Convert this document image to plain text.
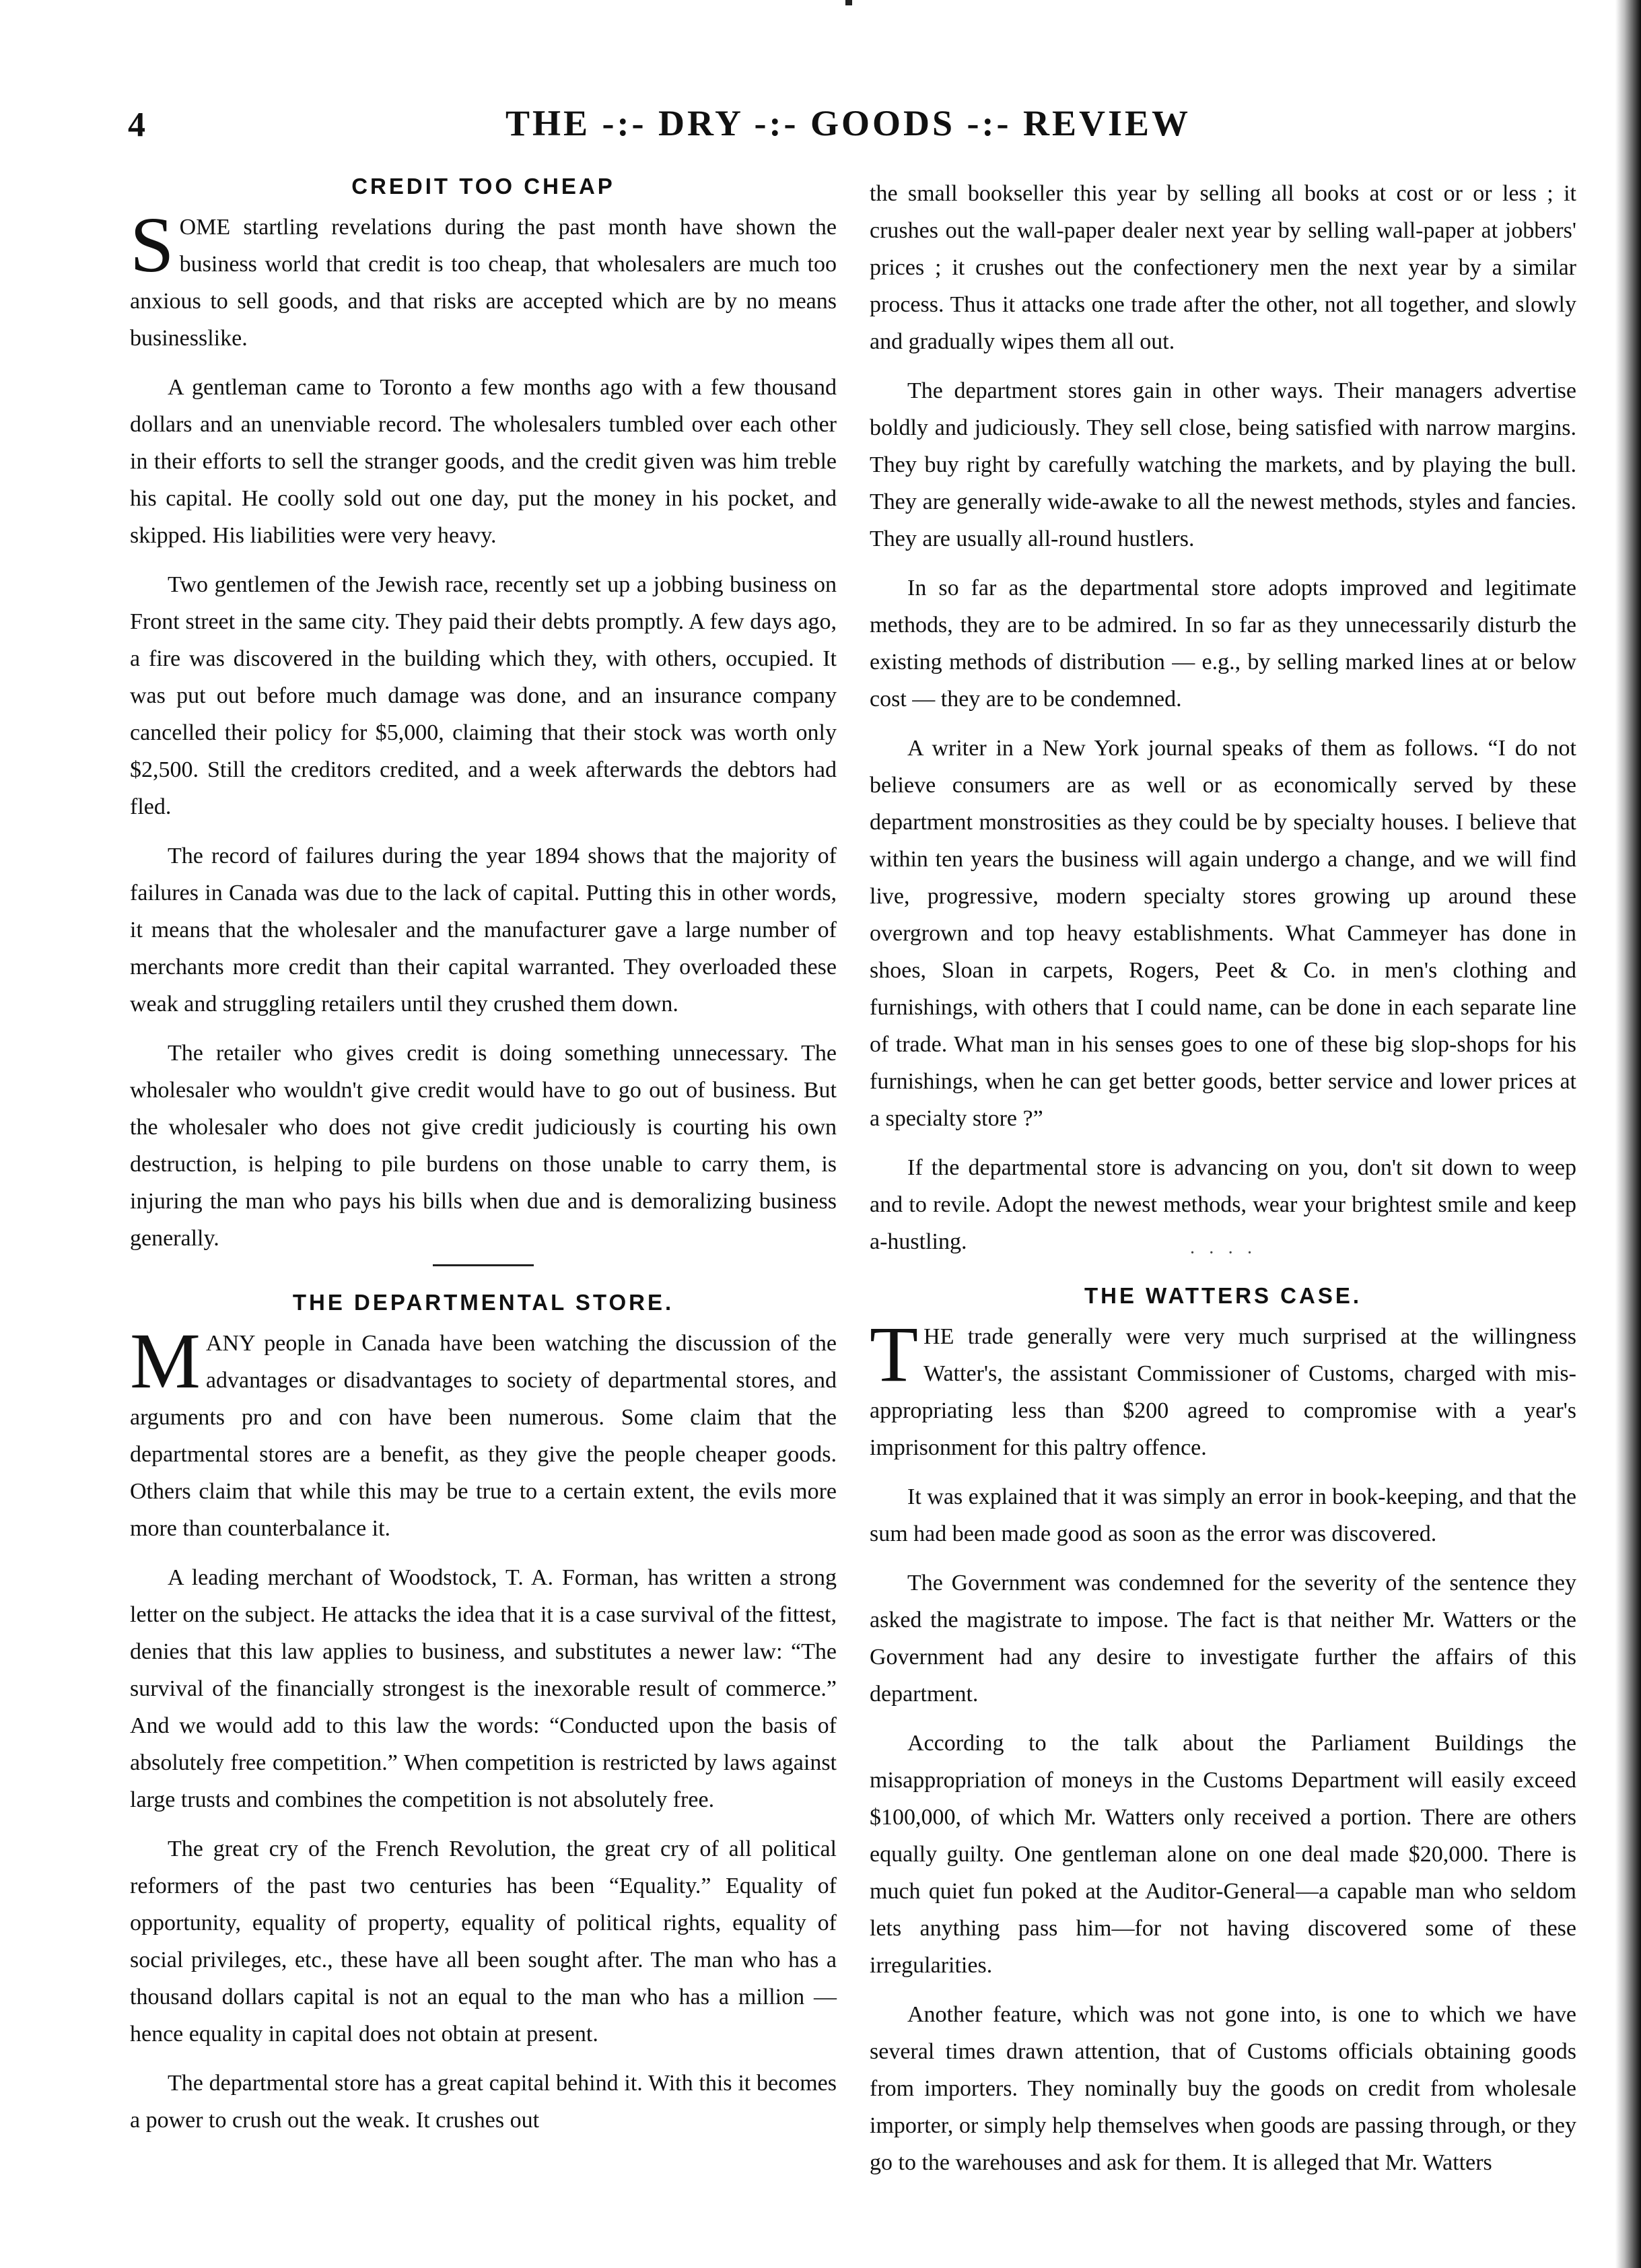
4	THE -:- DRY -:- GOODS -:- REVIEW
CREDIT TOO CHEAP

SOME startling revelations during the past month have shown the business world that credit is too cheap, that wholesalers are much too anxious to sell goods, and that risks are accepted which are by no means businesslike.

A gentleman came to Toronto a few months ago with a few thousand dollars and an unenviable record. The wholesalers tumbled over each other in their efforts to sell the stranger goods, and the credit given was him treble his capital. He coolly sold out one day, put the money in his pocket, and skipped. His liabilities were very heavy.

Two gentlemen of the Jewish race, recently set up a jobbing business on Front street in the same city. They paid their debts promptly. A few days ago, a fire was discovered in the building which they, with others, occupied. It was put out before much damage was done, and an insurance company cancelled their policy for $5,000, claiming that their stock was worth only $2,500. Still the creditors credited, and a week afterwards the debtors had fled.

The record of failures during the year 1894 shows that the majority of failures in Canada was due to the lack of capital. Putting this in other words, it means that the wholesaler and the manufacturer gave a large number of merchants more credit than their capital warranted. They overloaded these weak and struggling retailers until they crushed them down.

The retailer who gives credit is doing something unnecessary. The wholesaler who wouldn't give credit would have to go out of business. But the wholesaler who does not give credit judiciously is courting his own destruction, is helping to pile burdens on those unable to carry them, is injuring the man who pays his bills when due and is demoralizing business generally.

THE DEPARTMENTAL STORE.

MANY people in Canada have been watching the discussion of the advantages or disadvantages to society of departmental stores, and arguments pro and con have been numerous. Some claim that the departmental stores are a benefit, as they give the people cheaper goods. Others claim that while this may be true to a certain extent, the evils more more than counterbalance it.

A leading merchant of Woodstock, T. A. Forman, has written a strong letter on the subject. He attacks the idea that it is a case survival of the fittest, denies that this law applies to business, and substitutes a newer law: “The survival of the financially strongest is the inexorable result of commerce.” And we would add to this law the words: “Conducted upon the basis of absolutely free competition.” When competition is restricted by laws against large trusts and combines the competition is not absolutely free.

The great cry of the French Revolution, the great cry of all political reformers of the past two centuries has been “Equality.” Equality of opportunity, equality of property, equality of political rights, equality of social privileges, etc., these have all been sought after. The man who has a thousand dollars capital is not an equal to the man who has a million — hence equality in capital does not obtain at present.

The departmental store has a great capital behind it. With this it becomes a power to crush out the weak. It crushes out

the small bookseller this year by selling all books at cost or or less ; it crushes out the wall-paper dealer next year by selling wall-paper at jobbers' prices ; it crushes out the confectionery men the next year by a similar process. Thus it attacks one trade after the other, not all together, and slowly and gradually wipes them all out.

The department stores gain in other ways. Their managers advertise boldly and judiciously. They sell close, being satisfied with narrow margins. They buy right by carefully watching the markets, and by playing the bull. They are generally wide-awake to all the newest methods, styles and fancies. They are usually all-round hustlers.

In so far as the departmental store adopts improved and legitimate methods, they are to be admired. In so far as they unnecessarily disturb the existing methods of distribution — e.g., by selling marked lines at or below cost — they are to be condemned.

A writer in a New York journal speaks of them as follows. “I do not believe consumers are as well or as economically served by these department monstrosities as they could be by specialty houses. I believe that within ten years the business will again undergo a change, and we will find live, progressive, modern specialty stores growing up around these overgrown and top heavy establishments. What Cammeyer has done in shoes, Sloan in carpets, Rogers, Peet & Co. in men's clothing and furnishings, with others that I could name, can be done in each separate line of trade. What man in his senses goes to one of these big slop-shops for his furnishings, when he can get better goods, better service and lower prices at a specialty store ?”

If the departmental store is advancing on you, don't sit down to weep and to revile. Adopt the newest methods, wear your brightest smile and keep a-hustling.	· · · ·
THE WATTERS CASE.

THE trade generally were very much surprised at the willingness Watter's, the assistant Commissioner of Customs, charged with mis-appropriating less than $200 agreed to compromise with a year's imprisonment for this paltry offence.

It was explained that it was simply an error in book-keeping, and that the sum had been made good as soon as the error was discovered.

The Government was condemned for the severity of the sentence they asked the magistrate to impose. The fact is that neither Mr. Watters or the Government had any desire to investigate further the affairs of this department.

According to the talk about the Parliament Buildings the misappropriation of moneys in the Customs Department will easily exceed $100,000, of which Mr. Watters only received a portion. There are others equally guilty. One gentleman alone on one deal made $20,000. There is much quiet fun poked at the Auditor-General—a capable man who seldom lets anything pass him—for not having discovered some of these irregularities.

Another feature, which was not gone into, is one to which we have several times drawn attention, that of Customs officials obtaining goods from importers. They nominally buy the goods on credit from wholesale importer, or simply help themselves when goods are passing through, or they go to the warehouses and ask for them. It is alleged that Mr. Watters
